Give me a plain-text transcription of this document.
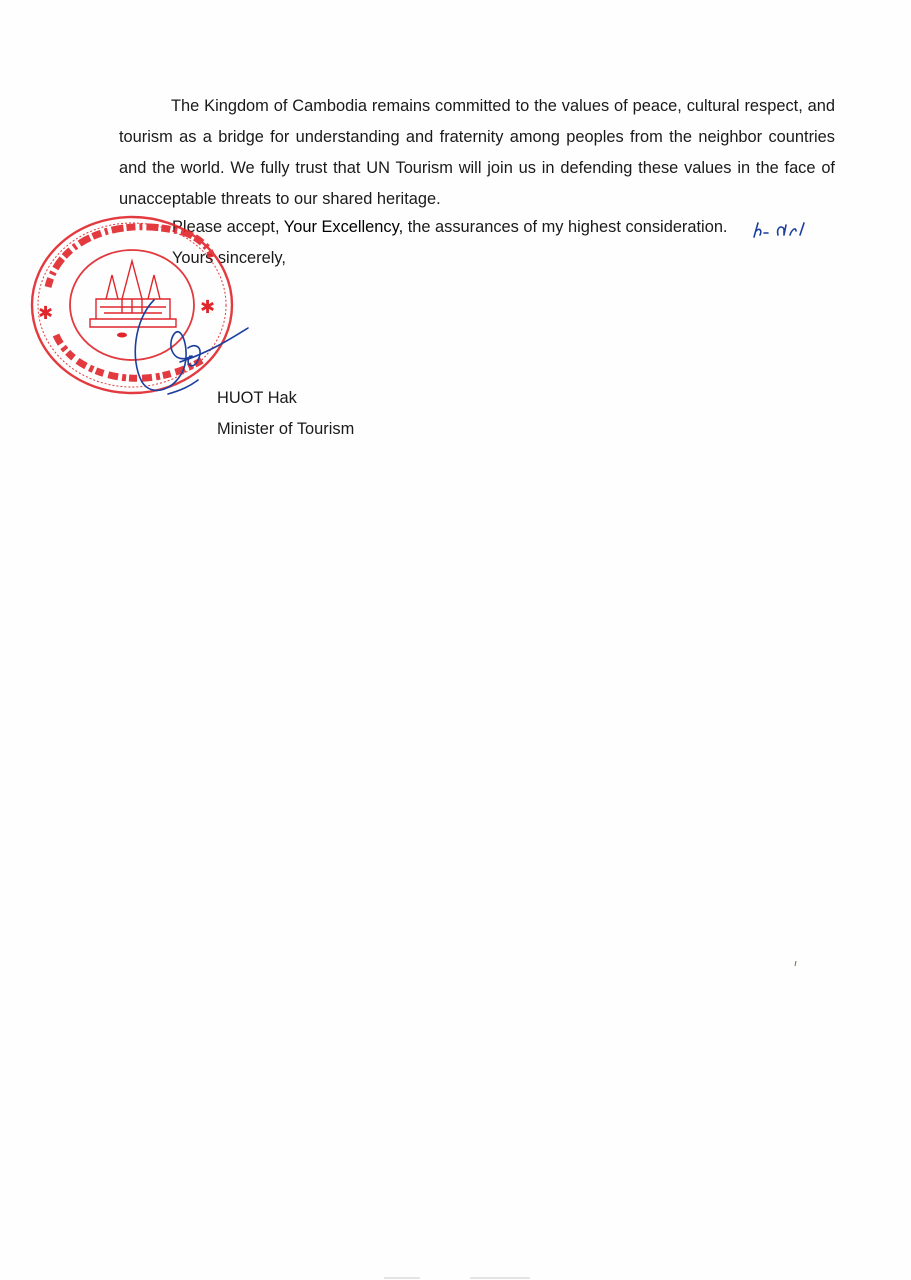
The Kingdom of Cambodia remains committed to the values of peace, cultural respect, and tourism as a bridge for understanding and fraternity among peoples from the neighbor countries and the world. We fully trust that UN Tourism will join us in defending these values in the face of unacceptable threats to our shared heritage.

Please accept, Your Excellency, the assurances of my highest consideration.
Yours sincerely,
HUOT Hak
Minister of Tourism
✱	✱
